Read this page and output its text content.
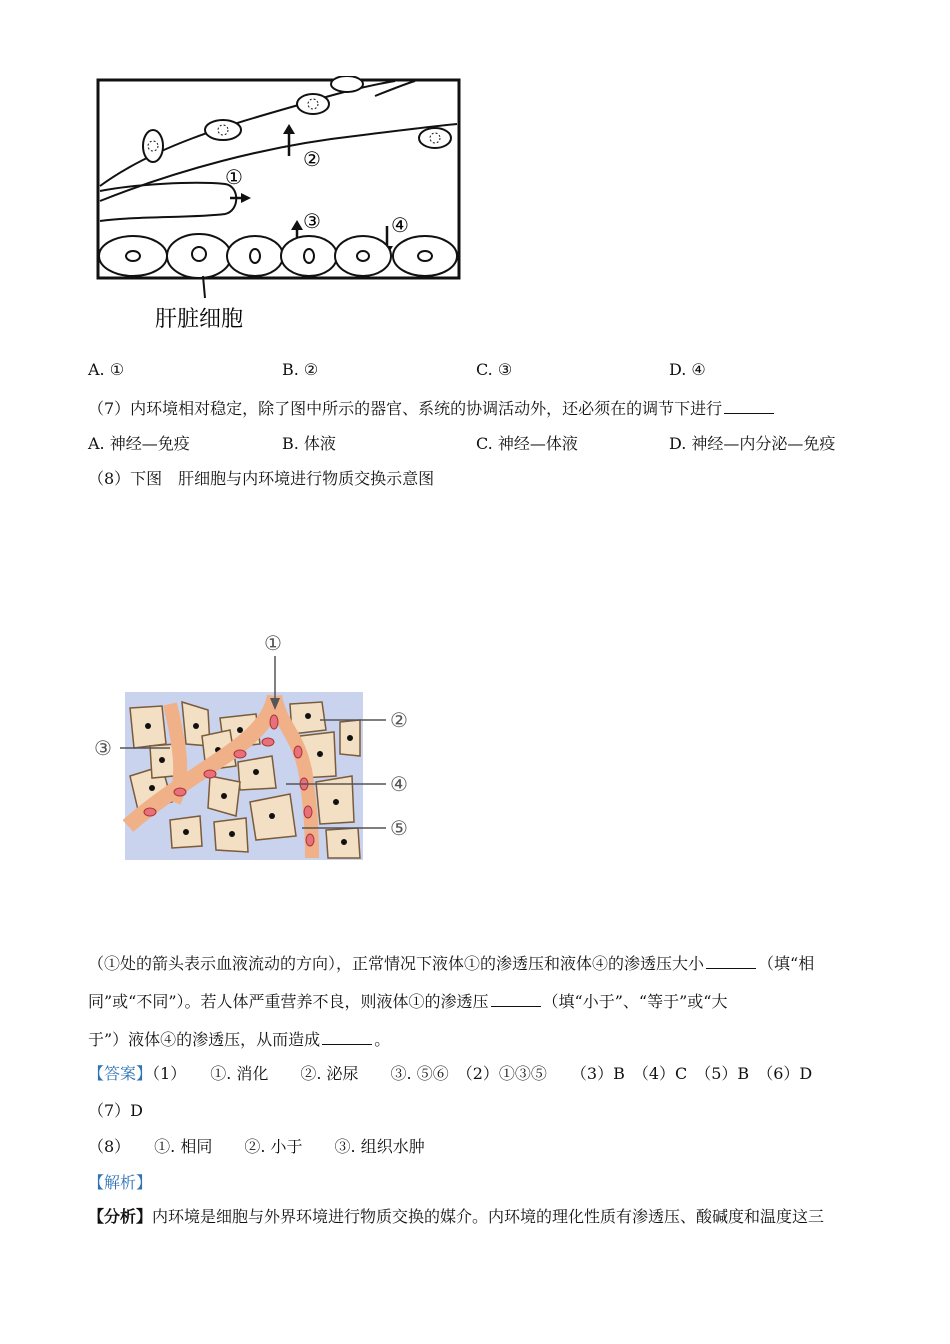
②
①
③	④
肝脏细胞
A. ①	B. ②	C. ③	D. ④
（7）内环境相对稳定，除了图中所示的器官、系统的协调活动外，还必须在的调节下进行
A. 神经—免疫	B. 体液	C. 神经—体液	D. 神经—内分泌—免疫
（8）下图　肝细胞与内环境进行物质交换示意图
①
②
③
④
⑤
（①处的箭头表示血液流动的方向），正常情况下液体①的渗透压和液体④的渗透压大小	（填“相
同”或“不同”）。若人体严重营养不良，则液体①的渗透压	（填“小于”、“等于”或“大
于”）液体④的渗透压，从而造成	。
【答案】（1）　　①. 消化　　②. 泌尿　　③. ⑤⑥　（2）①③⑤　　（3）B　（4）C　（5）B　（6）D
（7）D
（8）　　①. 相同　　②. 小于　　③. 组织水肿
【解析】
【分析】内环境是细胞与外界环境进行物质交换的媒介。内环境的理化性质有渗透压、酸碱度和温度这三
